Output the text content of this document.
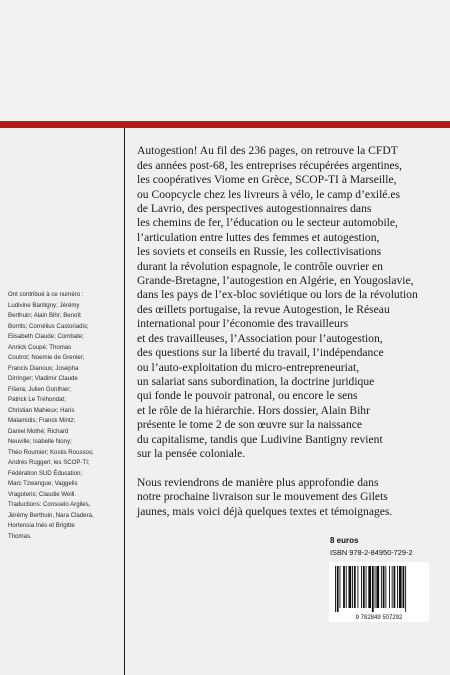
Autogestion! Au fil des 236 pages, on retrouve la CFDT
des années post-68, les entreprises récupérées argentines,
les coopératives Viome en Grèce, SCOP-TI à Marseille,
ou Coopcycle chez les livreurs à vélo, le camp d’exilé.es
de Lavrio, des perspectives autogestionnaires dans
les chemins de fer, l’éducation ou le secteur automobile,
l’articulation entre luttes des femmes et autogestion,
les soviets et conseils en Russie, les collectivisations
durant la révolution espagnole, le contrôle ouvrier en
Grande-Bretagne, l’autogestion en Algérie, en Yougoslavie,
dans les pays de l’ex-bloc soviétique ou lors de la révolution
des œillets portugaise, la revue Autogestion, le Réseau
international pour l’économie des travailleurs
et des travailleuses, l’Association pour l’autogestion,
des questions sur la liberté du travail, l’indépendance
ou l’auto-exploitation du micro-entrepreneuriat,
un salariat sans subordination, la doctrine juridique
qui fonde le pouvoir patronal, ou encore le sens
et le rôle de la hiérarchie. Hors dossier, Alain Bihr
présente le tome 2 de son œuvre sur la naissance
du capitalisme, tandis que Ludivine Bantigny revient
sur la pensée coloniale.

Nous reviendrons de manière plus approfondie dans
notre prochaine livraison sur le mouvement des Gilets
jaunes, mais voici déjà quelques textes et témoignages.

Ont contribué à ce numéro :
Ludivine Bantigny; Jérémy
Berthuin; Alain Bihr; Benoît
Borrits; Cornélius Castoriadis;
Elisabeth Claude; Combate;
Annick Coupé; Thomas
Coutrot; Noemie de Grenier;
Francis Dianoux; Josépha
Dirringer; Vladimir Claude
Fišera; Julien Gonthier;
Patrick Le Tréhondat;
Christian Mahieux; Haris
Malamidis; Franck Mintz;
Daniel Mothé; Richard
Neuville; Isabelle Nony;
Théo Roumier; Kostis Roussos;
Andrés Ruggeri; les SCOP-TI;
Fédération SUD Éducation;
Marc Tzwangue; Vaggelis
Vragoteris; Claudie Weill.
Traductions: Consuelo Argiles,
Jérémy Berthuin, Nara Cladera,
Hortensia Inés et Brigitte
Thomas.	8 euros
ISBN 978-2-84950-729-2
9 782849 507292
